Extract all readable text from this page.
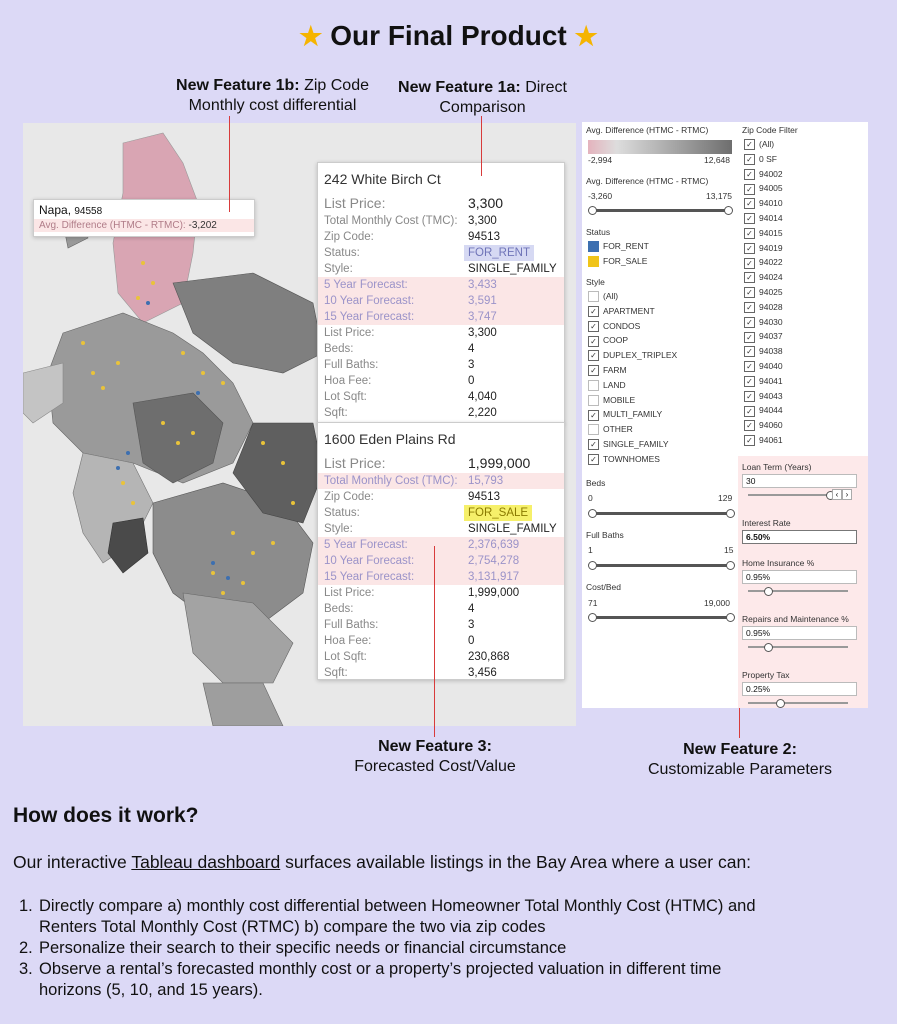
★ Our Final Product ★
New Feature 1b: Zip Code
Monthly cost differential
New Feature 1a: Direct
Comparison
New Feature 3:
Forecasted Cost/Value
New Feature 2:
Customizable Parameters
Napa, 94558
Avg. Difference (HTMC - RTMC): -3,202
242 White Birch Ct
List Price:	3,300
Total Monthly Cost (TMC): 3,300
Zip Code:	94513
Status:	FOR_RENT
Style:	SINGLE_FAMILY
5 Year Forecast:	3,433
10 Year Forecast:	3,591
15 Year Forecast:	3,747
List Price:	3,300
Beds:	4
Full Baths:	3
Hoa Fee:	0
Lot Sqft:	4,040
Sqft:	2,220
1600 Eden Plains Rd
List Price:	1,999,000
Total Monthly Cost (TMC): 15,793
Zip Code:	94513
Status:	FOR_SALE
Style:	SINGLE_FAMILY
5 Year Forecast:	2,376,639
10 Year Forecast:	2,754,278
15 Year Forecast:	3,131,917
List Price:	1,999,000
Beds:	4
Full Baths:	3
Hoa Fee:	0
Lot Sqft:	230,868
Sqft:	3,456
Avg. Difference (HTMC - RTMC)
-2,994	12,648
Avg. Difference (HTMC - RTMC)
-3,260	13,175
Status
FOR_RENT
FOR_SALE
Style
(All)
✓ APARTMENT
✓ CONDOS
✓ COOP
✓ DUPLEX_TRIPLEX
✓ FARM
LAND
MOBILE
✓ MULTI_FAMILY
OTHER
✓ SINGLE_FAMILY
✓ TOWNHOMES
Beds
0	129
Full Baths
1	15
Cost/Bed
71	19,000
Zip Code Filter
✓ (All)
✓ 0 SF
✓ 94002
✓ 94005
✓ 94010
✓ 94014
✓ 94015
✓ 94019
✓ 94022
✓ 94024
✓ 94025
✓ 94028
✓ 94030
✓ 94037
✓ 94038
✓ 94040
✓ 94041
✓ 94043
✓ 94044
✓ 94060
✓ 94061
Loan Term (Years)
30
‹ ›
Interest Rate
6.50%
Home Insurance %
0.95%
Repairs and Maintenance %
0.95%
Property Tax
0.25%
How does it work?
Our interactive Tableau dashboard surfaces available listings in the Bay Area where a user can:
1. Directly compare a) monthly cost differential between Homeowner Total Monthly Cost (HTMC) and
Renters Total Monthly Cost (RTMC) b) compare the two via zip codes
2. Personalize their search to their specific needs or financial circumstance
3. Observe a rental’s forecasted monthly cost or a property’s projected valuation in different time
horizons (5, 10, and 15 years).
